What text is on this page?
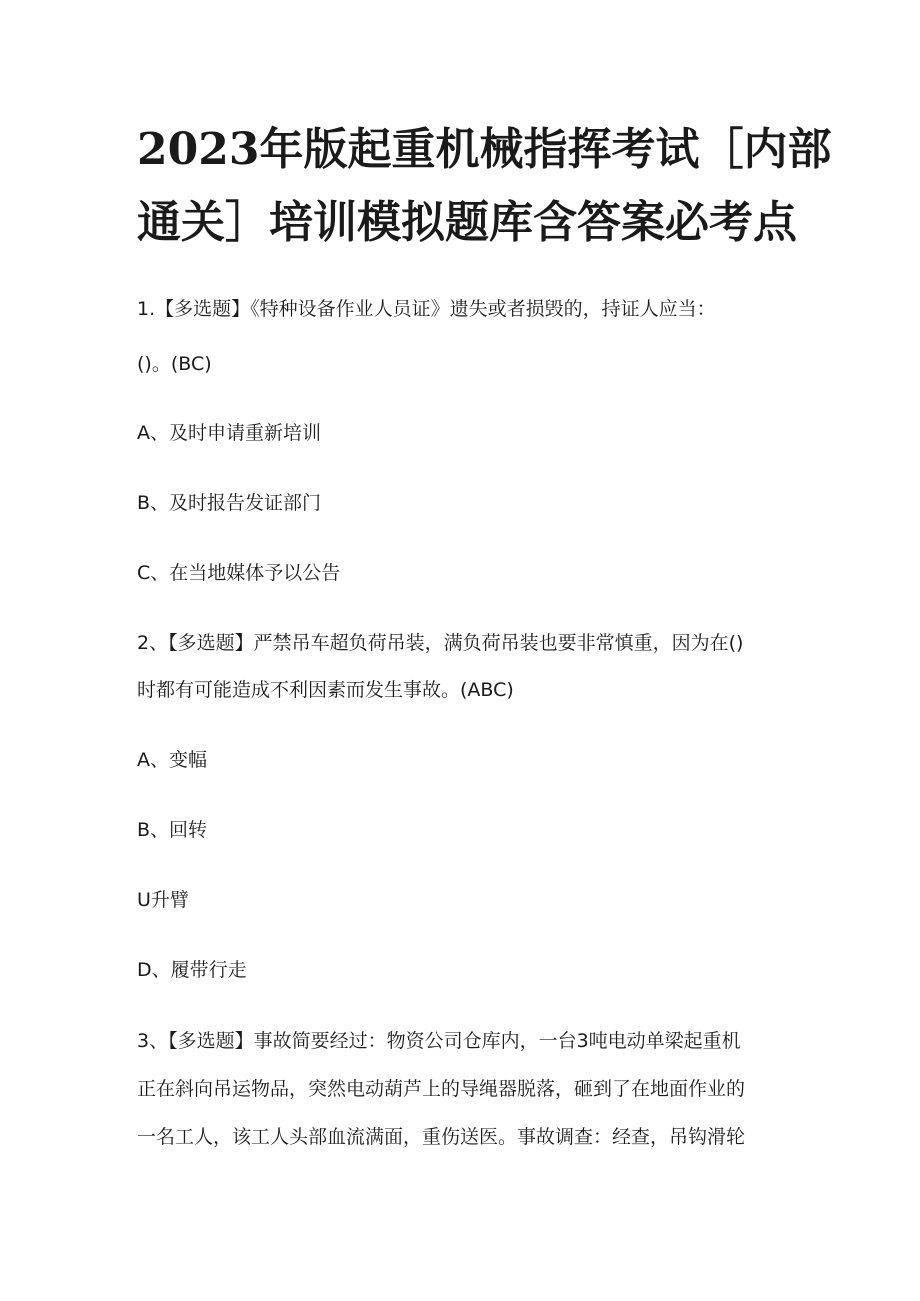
2023年版起重机械指挥考试［内部
通关］培训模拟题库含答案必考点
1.【多选题】《特种设备作业人员证》遗失或者损毁的，持证人应当：
()。(BC)
A、及时申请重新培训
B、及时报告发证部门
C、在当地媒体予以公告
2、【多选题】严禁吊车超负荷吊装，满负荷吊装也要非常慎重，因为在()
时都有可能造成不利因素而发生事故。(ABC)
A、变幅
B、回转
U升臂
D、履带行走
3、【多选题】事故简要经过：物资公司仓库内，一台3吨电动单梁起重机
正在斜向吊运物品，突然电动葫芦上的导绳器脱落，砸到了在地面作业的
一名工人，该工人头部血流满面，重伤送医。事故调查：经查，吊钩滑轮
